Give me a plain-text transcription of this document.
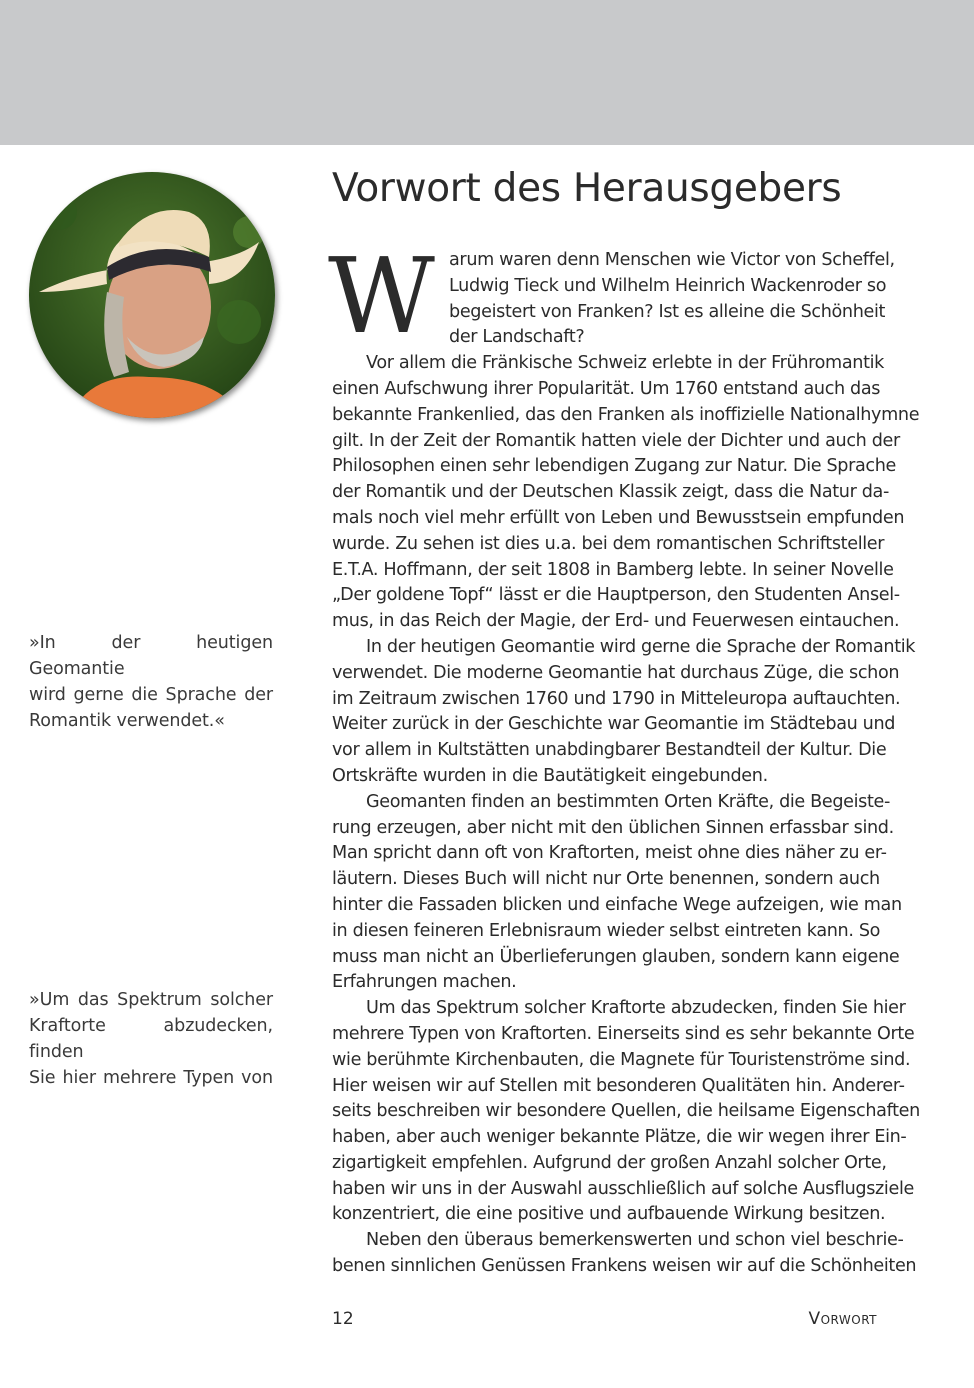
»In der heutigen Geomantie

wird gerne die Sprache der

Romantik verwendet.«

»Um das Spektrum solcher

Kraftorte abzudecken, finden

Sie hier mehrere Typen von

Vorwort des Herausgebers
W	arum waren denn Menschen wie Victor von Scheffel,
Ludwig Tieck und Wilhelm Heinrich Wackenroder so
begeistert von Franken? Ist es alleine die Schönheit
der Landschaft?
Vor allem die Fränkische Schweiz erlebte in der Frühromantik
einen Aufschwung ihrer Popularität. Um 1760 entstand auch das
bekannte Frankenlied, das den Franken als inoffizielle Nationalhymne
gilt. In der Zeit der Romantik hatten viele der Dichter und auch der
Philosophen einen sehr lebendigen Zugang zur Natur. Die Sprache
der Romantik und der Deutschen Klassik zeigt, dass die Natur da-
mals noch viel mehr erfüllt von Leben und Bewusstsein empfunden
wurde. Zu sehen ist dies u.a. bei dem romantischen Schriftsteller
E.T.A. Hoffmann, der seit 1808 in Bamberg lebte. In seiner Novelle
„Der goldene Topf“ lässt er die Hauptperson, den Studenten Ansel-
mus, in das Reich der Magie, der Erd- und Feuerwesen eintauchen.
In der heutigen Geomantie wird gerne die Sprache der Romantik
verwendet. Die moderne Geomantie hat durchaus Züge, die schon
im Zeitraum zwischen 1760 und 1790 in Mitteleuropa auftauchten.
Weiter zurück in der Geschichte war Geomantie im Städtebau und
vor allem in Kultstätten unabdingbarer Bestandteil der Kultur. Die
Ortskräfte wurden in die Bautätigkeit eingebunden.
Geomanten finden an bestimmten Orten Kräfte, die Begeiste-
rung erzeugen, aber nicht mit den üblichen Sinnen erfassbar sind.
Man spricht dann oft von Kraftorten, meist ohne dies näher zu er-
läutern. Dieses Buch will nicht nur Orte benennen, sondern auch
hinter die Fassaden blicken und einfache Wege aufzeigen, wie man
in diesen feineren Erlebnisraum wieder selbst eintreten kann. So
muss man nicht an Überlieferungen glauben, sondern kann eigene
Erfahrungen machen.
Um das Spektrum solcher Kraftorte abzudecken, finden Sie hier
mehrere Typen von Kraftorten. Einerseits sind es sehr bekannte Orte
wie berühmte Kirchenbauten, die Magnete für Touristenströme sind.
Hier weisen wir auf Stellen mit besonderen Qualitäten hin. Anderer-
seits beschreiben wir besondere Quellen, die heilsame Eigenschaften
haben, aber auch weniger bekannte Plätze, die wir wegen ihrer Ein-
zigartigkeit empfehlen. Aufgrund der großen Anzahl solcher Orte,
haben wir uns in der Auswahl ausschließlich auf solche Ausflugsziele
konzentriert, die eine positive und aufbauende Wirkung besitzen.
Neben den überaus bemerkenswerten und schon viel beschrie-
benen sinnlichen Genüssen Frankens weisen wir auf die Schönheiten
12	Vorwort
